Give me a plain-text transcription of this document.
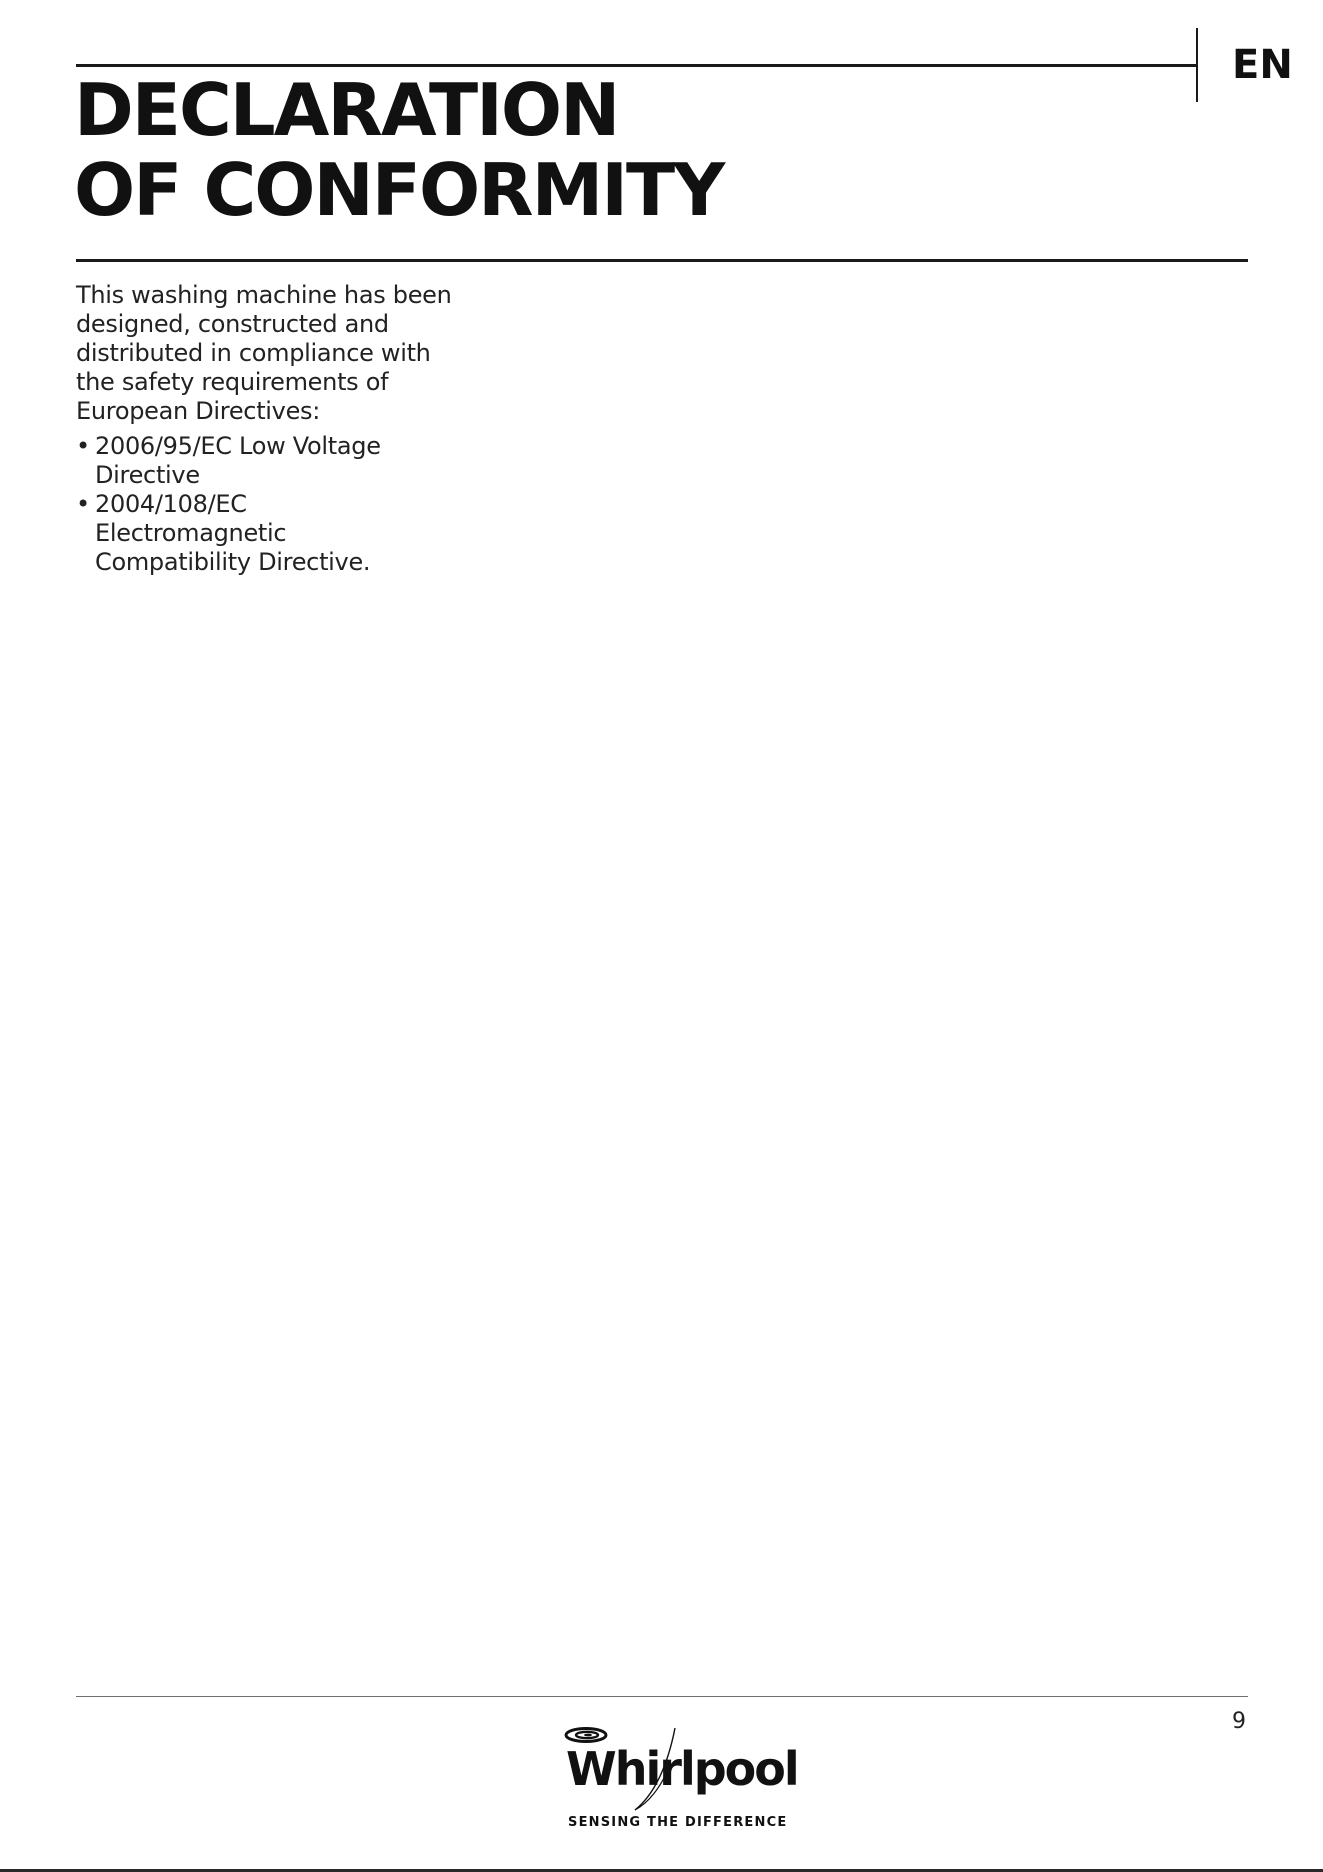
EN
DECLARATION
OF CONFORMITY

This washing machine has been designed, constructed and distributed in compliance with the safety requirements of European Directives:

• 2006/95/EC Low Voltage Directive
• 2004/108/EC Electromagnetic Compatibility Directive.
9
Whirlpool
SENSING THE DIFFERENCE
